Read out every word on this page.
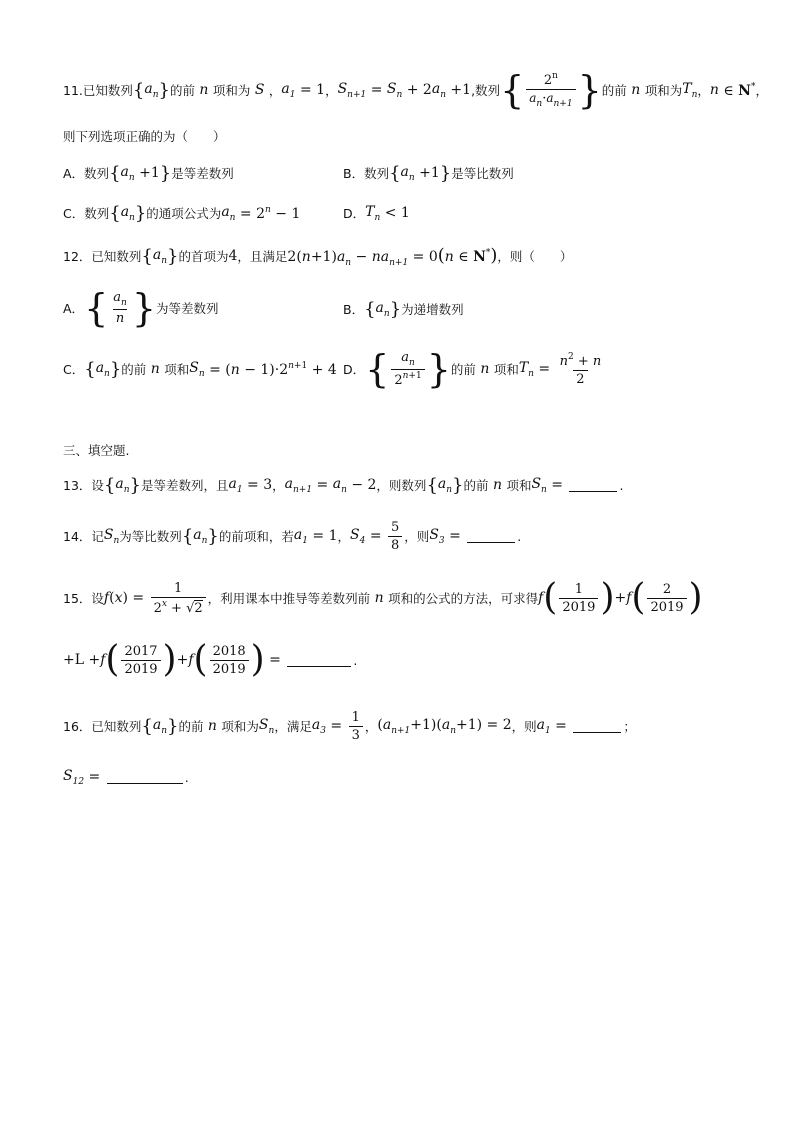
11.已知数列 { $a_n$ } 的前 n 项和为 S ， $a_1 = 1$ ， $S_{n+1} = S_n + 2$ $a_n +1$ ,数列 { $\frac{2^n}{a_n\cdot a_{n+1}}$ } 的前 n 项和为 $T_n$ ， n ∈ N* ，
则下列选项正确的为（　　）
A．数列 { $a_n +1$ } 是等差数列	B．数列 { $a_n +1$ } 是等比数列
C．数列 { $a_n$ } 的通项公式为 $a_n = 2^n - 1$	D． $T_n < 1$
12．已知数列 { $a_n$ } 的首项为 4 ，且满足 $2(n+1)a_n - na_{n+1} = 0(n$ ∈ N*) ，则（　　）
A． { $\frac{a_n}{n}$ } 为等差数列	B． { $a_n$ } 为递增数列
C． { $a_n$ } 的前 n 项和 $S_n = (n - 1)\cdot 2^{n+1} + 4$ D． { $\frac{a_n}{2^{n+1}}$ } 的前 n 项和 $T_n = \frac{n^2 + n}{2}$
三、填空题.
13．设 { $a_n$ } 是等差数列，且 $a_1 = 3$ ， $a_{n+1} = a_n - 2$ ，则数列 { $a_n$ } 的前 n 项和 $S_n$ =	.
14．记 $S_n$ 为等比数列 { $a_n$ } 的前项和，若 $a_1 = 1$ ， $S_4 = \frac{5}{8}$ ，则 $S_3$ =	.
15．设 f $(x) = \frac{1}{2^x + √2}$ ，利用课本中推导等差数列前 n 项和的公式的方法，可求得 f ( $\frac{1}{2019}$ ) + f ( $\frac{2}{2019}$ )
+L + f ( $\frac{2017}{2019}$ ) + f ( $\frac{2018}{2019}$ ) =	.
16．已知数列 { $a_n$ } 的前 n 项和为 $S_n$ ，满足 $a_3 = \frac{1}{3}$ ， $(a_{n+1}+1)(a_n+1) = 2$ ，则 $a_1$ =	；
$S_{12}$ =	.
